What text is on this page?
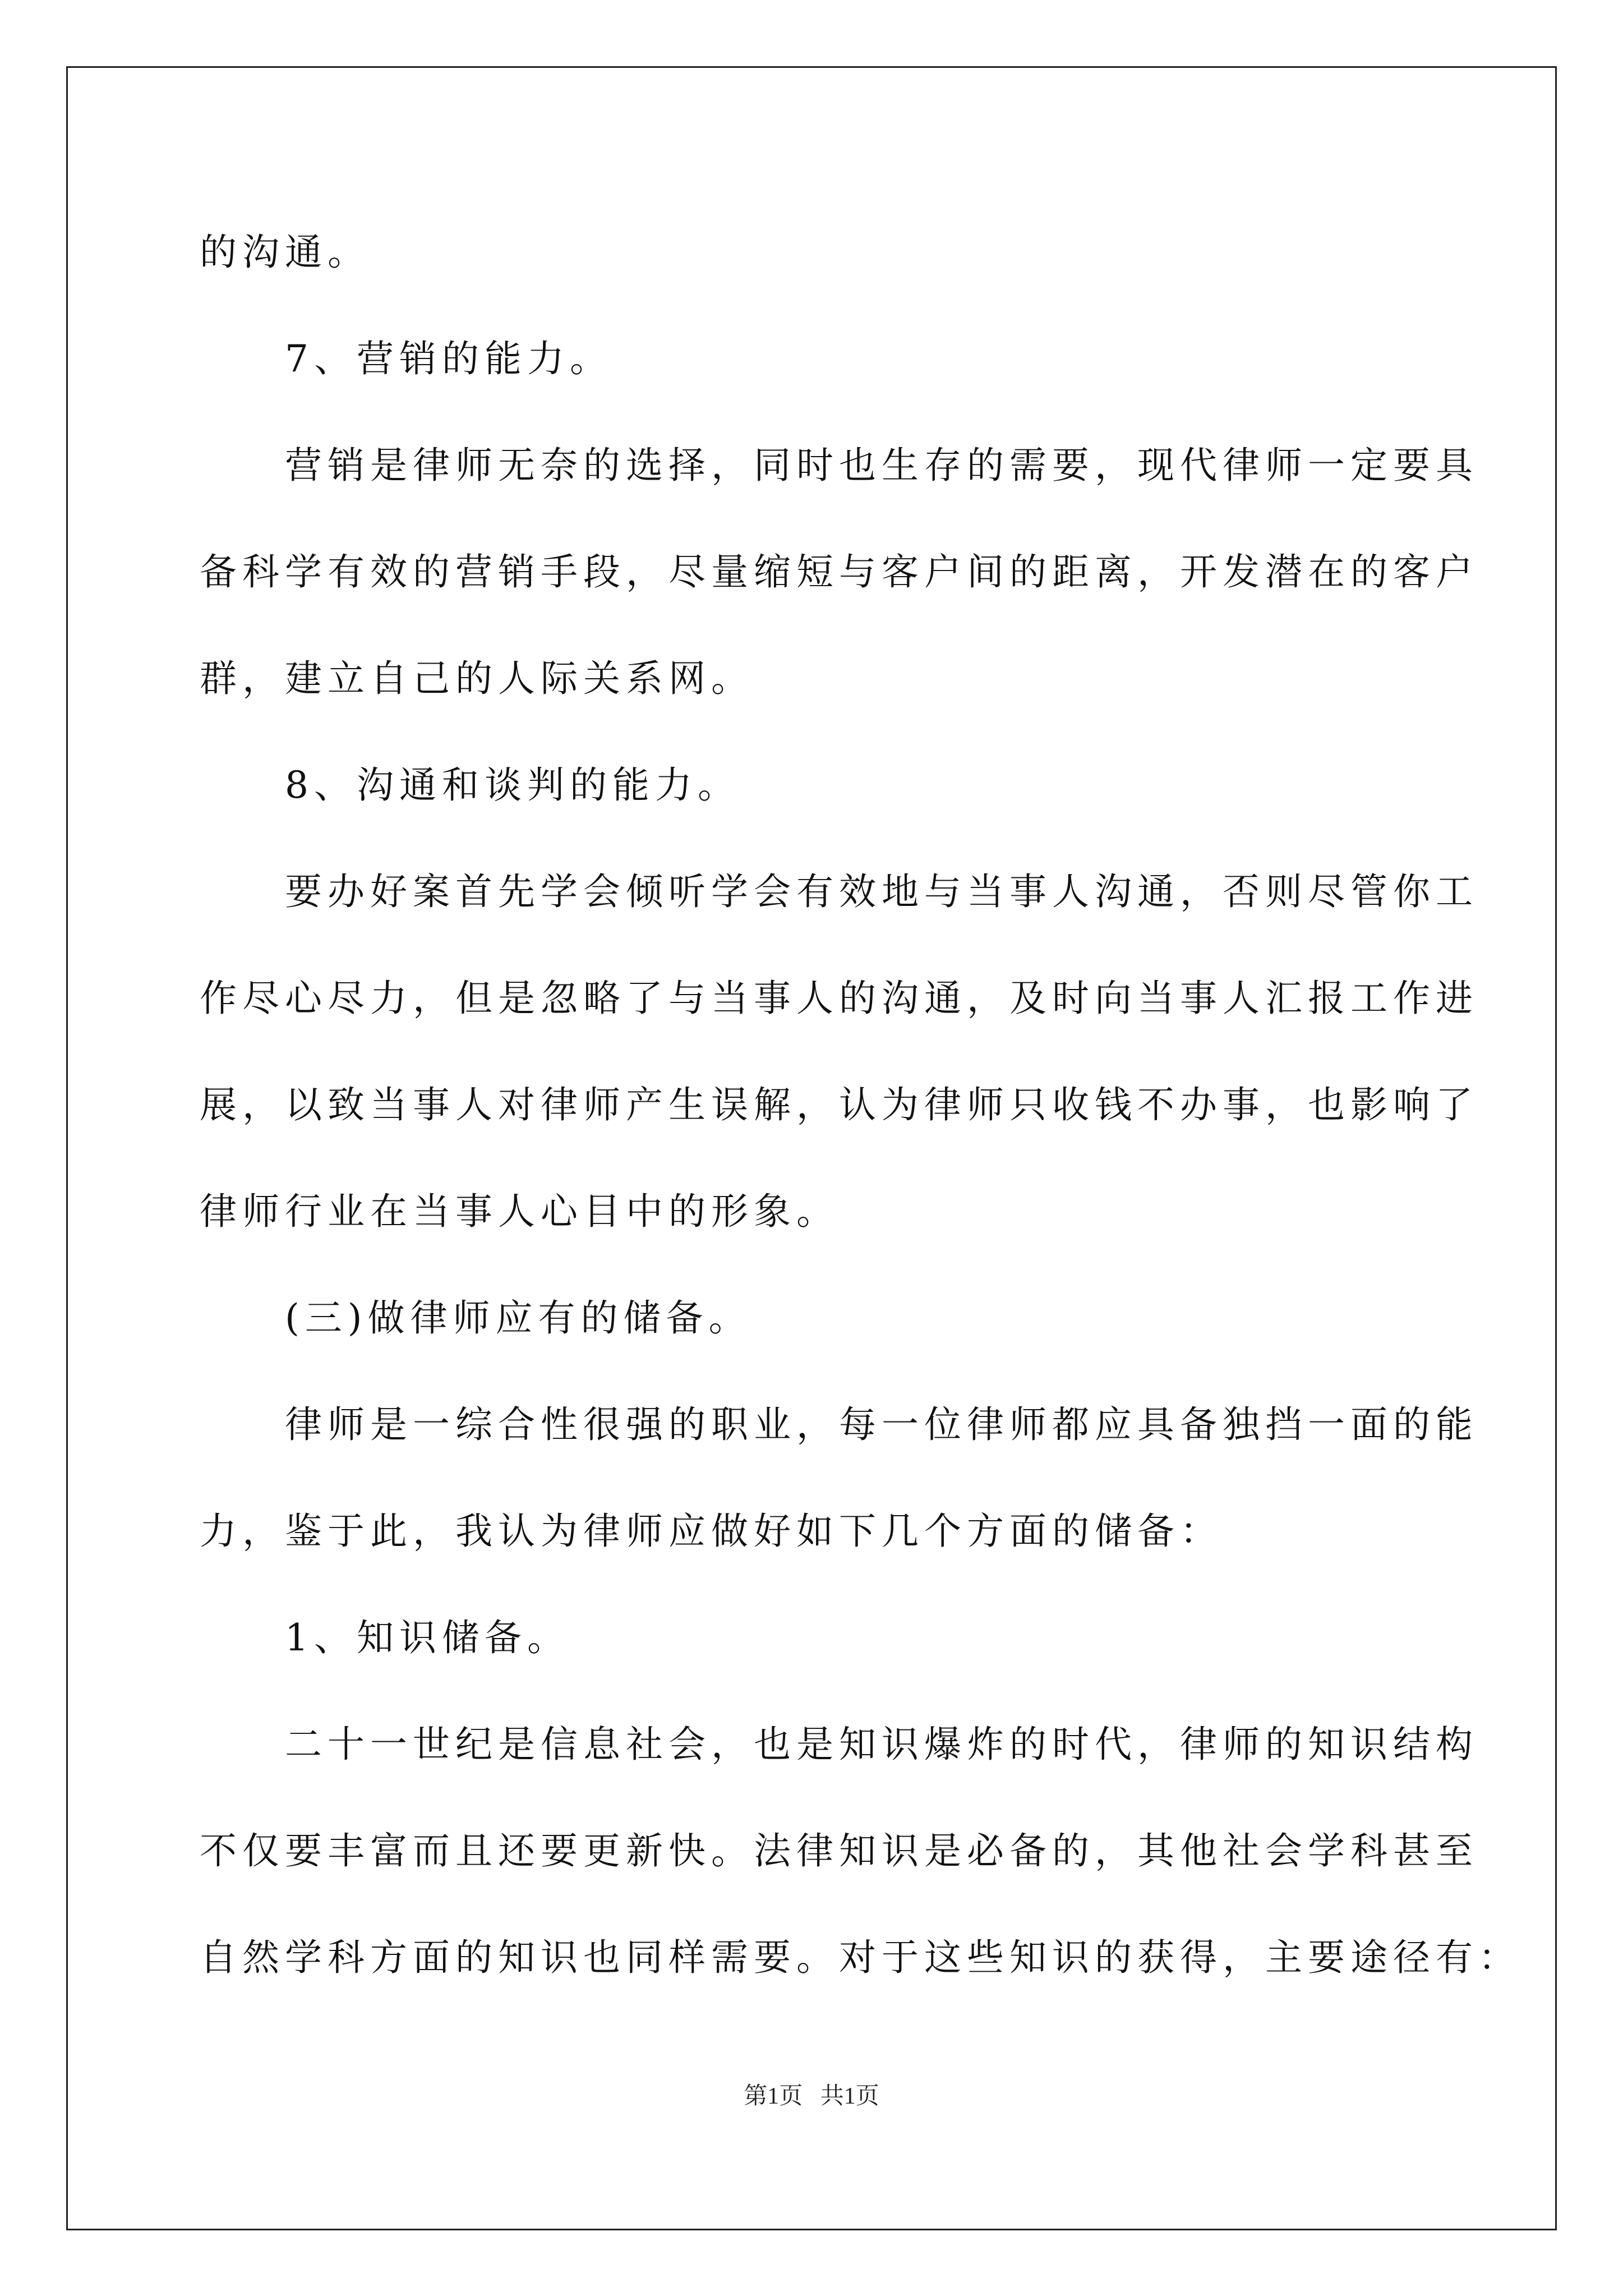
的沟通。
　　7、营销的能力。
　　营销是律师无奈的选择，同时也生存的需要，现代律师一定要具
备科学有效的营销手段，尽量缩短与客户间的距离，开发潜在的客户
群，建立自己的人际关系网。
　　8、沟通和谈判的能力。
　　要办好案首先学会倾听学会有效地与当事人沟通，否则尽管你工
作尽心尽力，但是忽略了与当事人的沟通，及时向当事人汇报工作进
展，以致当事人对律师产生误解，认为律师只收钱不办事，也影响了
律师行业在当事人心目中的形象。
　　(三)做律师应有的储备。
　　律师是一综合性很强的职业，每一位律师都应具备独挡一面的能
力，鉴于此，我认为律师应做好如下几个方面的储备：
　　1、知识储备。
　　二十一世纪是信息社会，也是知识爆炸的时代，律师的知识结构
不仅要丰富而且还要更新快。法律知识是必备的，其他社会学科甚至
自然学科方面的知识也同样需要。对于这些知识的获得，主要途径有：
第1页   共1页
